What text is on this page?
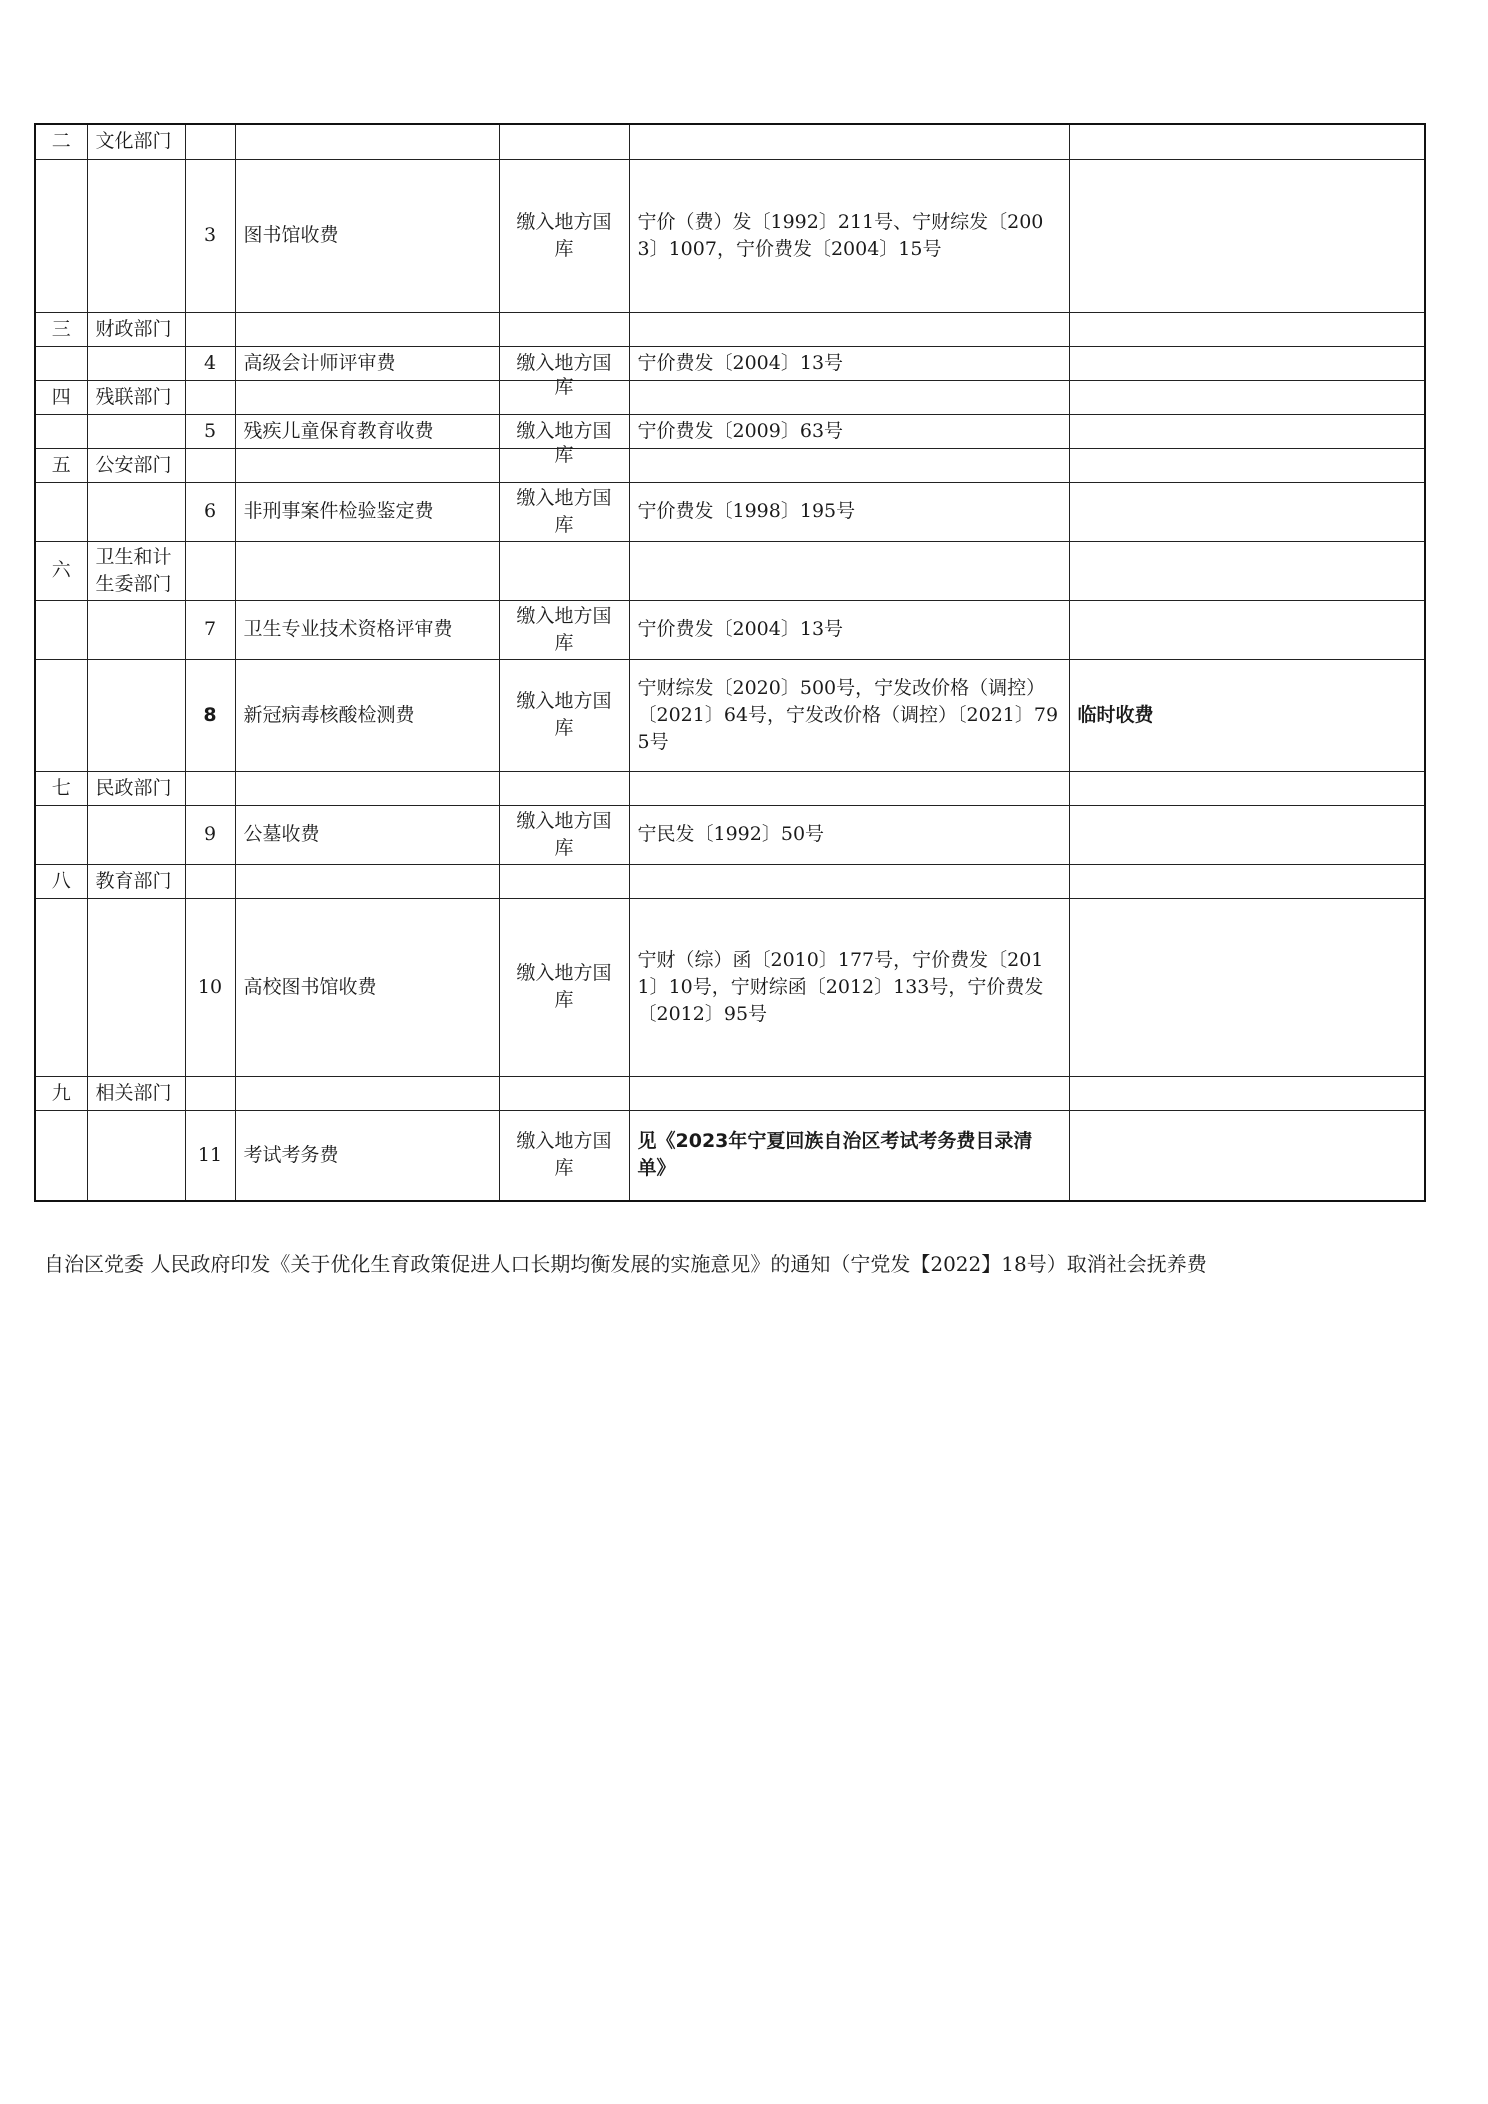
二	文化部门					
		3	图书馆收费	缴入地方国库	宁价（费）发〔1992〕211号、宁财综发〔2003〕1007，宁价费发〔2004〕15号	
三	财政部门					
		4	高级会计师评审费	缴入地方国库	宁价费发〔2004〕13号	
四	残联部门					
		5	残疾儿童保育教育收费	缴入地方国库	宁价费发〔2009〕63号	
五	公安部门					
		6	非刑事案件检验鉴定费	缴入地方国库	宁价费发〔1998〕195号	
六	卫生和计生委部门					
		7	卫生专业技术资格评审费	缴入地方国库	宁价费发〔2004〕13号	
		8	新冠病毒核酸检测费	缴入地方国库	宁财综发〔2020〕500号，宁发改价格（调控）〔2021〕64号，宁发改价格（调控）〔2021〕795号	临时收费
七	民政部门					
		9	公墓收费	缴入地方国库	宁民发〔1992〕50号	
八	教育部门					
		10	高校图书馆收费	缴入地方国库	宁财（综）函〔2010〕177号，宁价费发〔2011〕10号，宁财综函〔2012〕133号，宁价费发〔2012〕95号	
九	相关部门					
		11	考试考务费	缴入地方国库	见《2023年宁夏回族自治区考试考务费目录清单》	
自治区党委 人民政府印发《关于优化生育政策促进人口长期均衡发展的实施意见》的通知（宁党发【2022】18号）取消社会抚养费
